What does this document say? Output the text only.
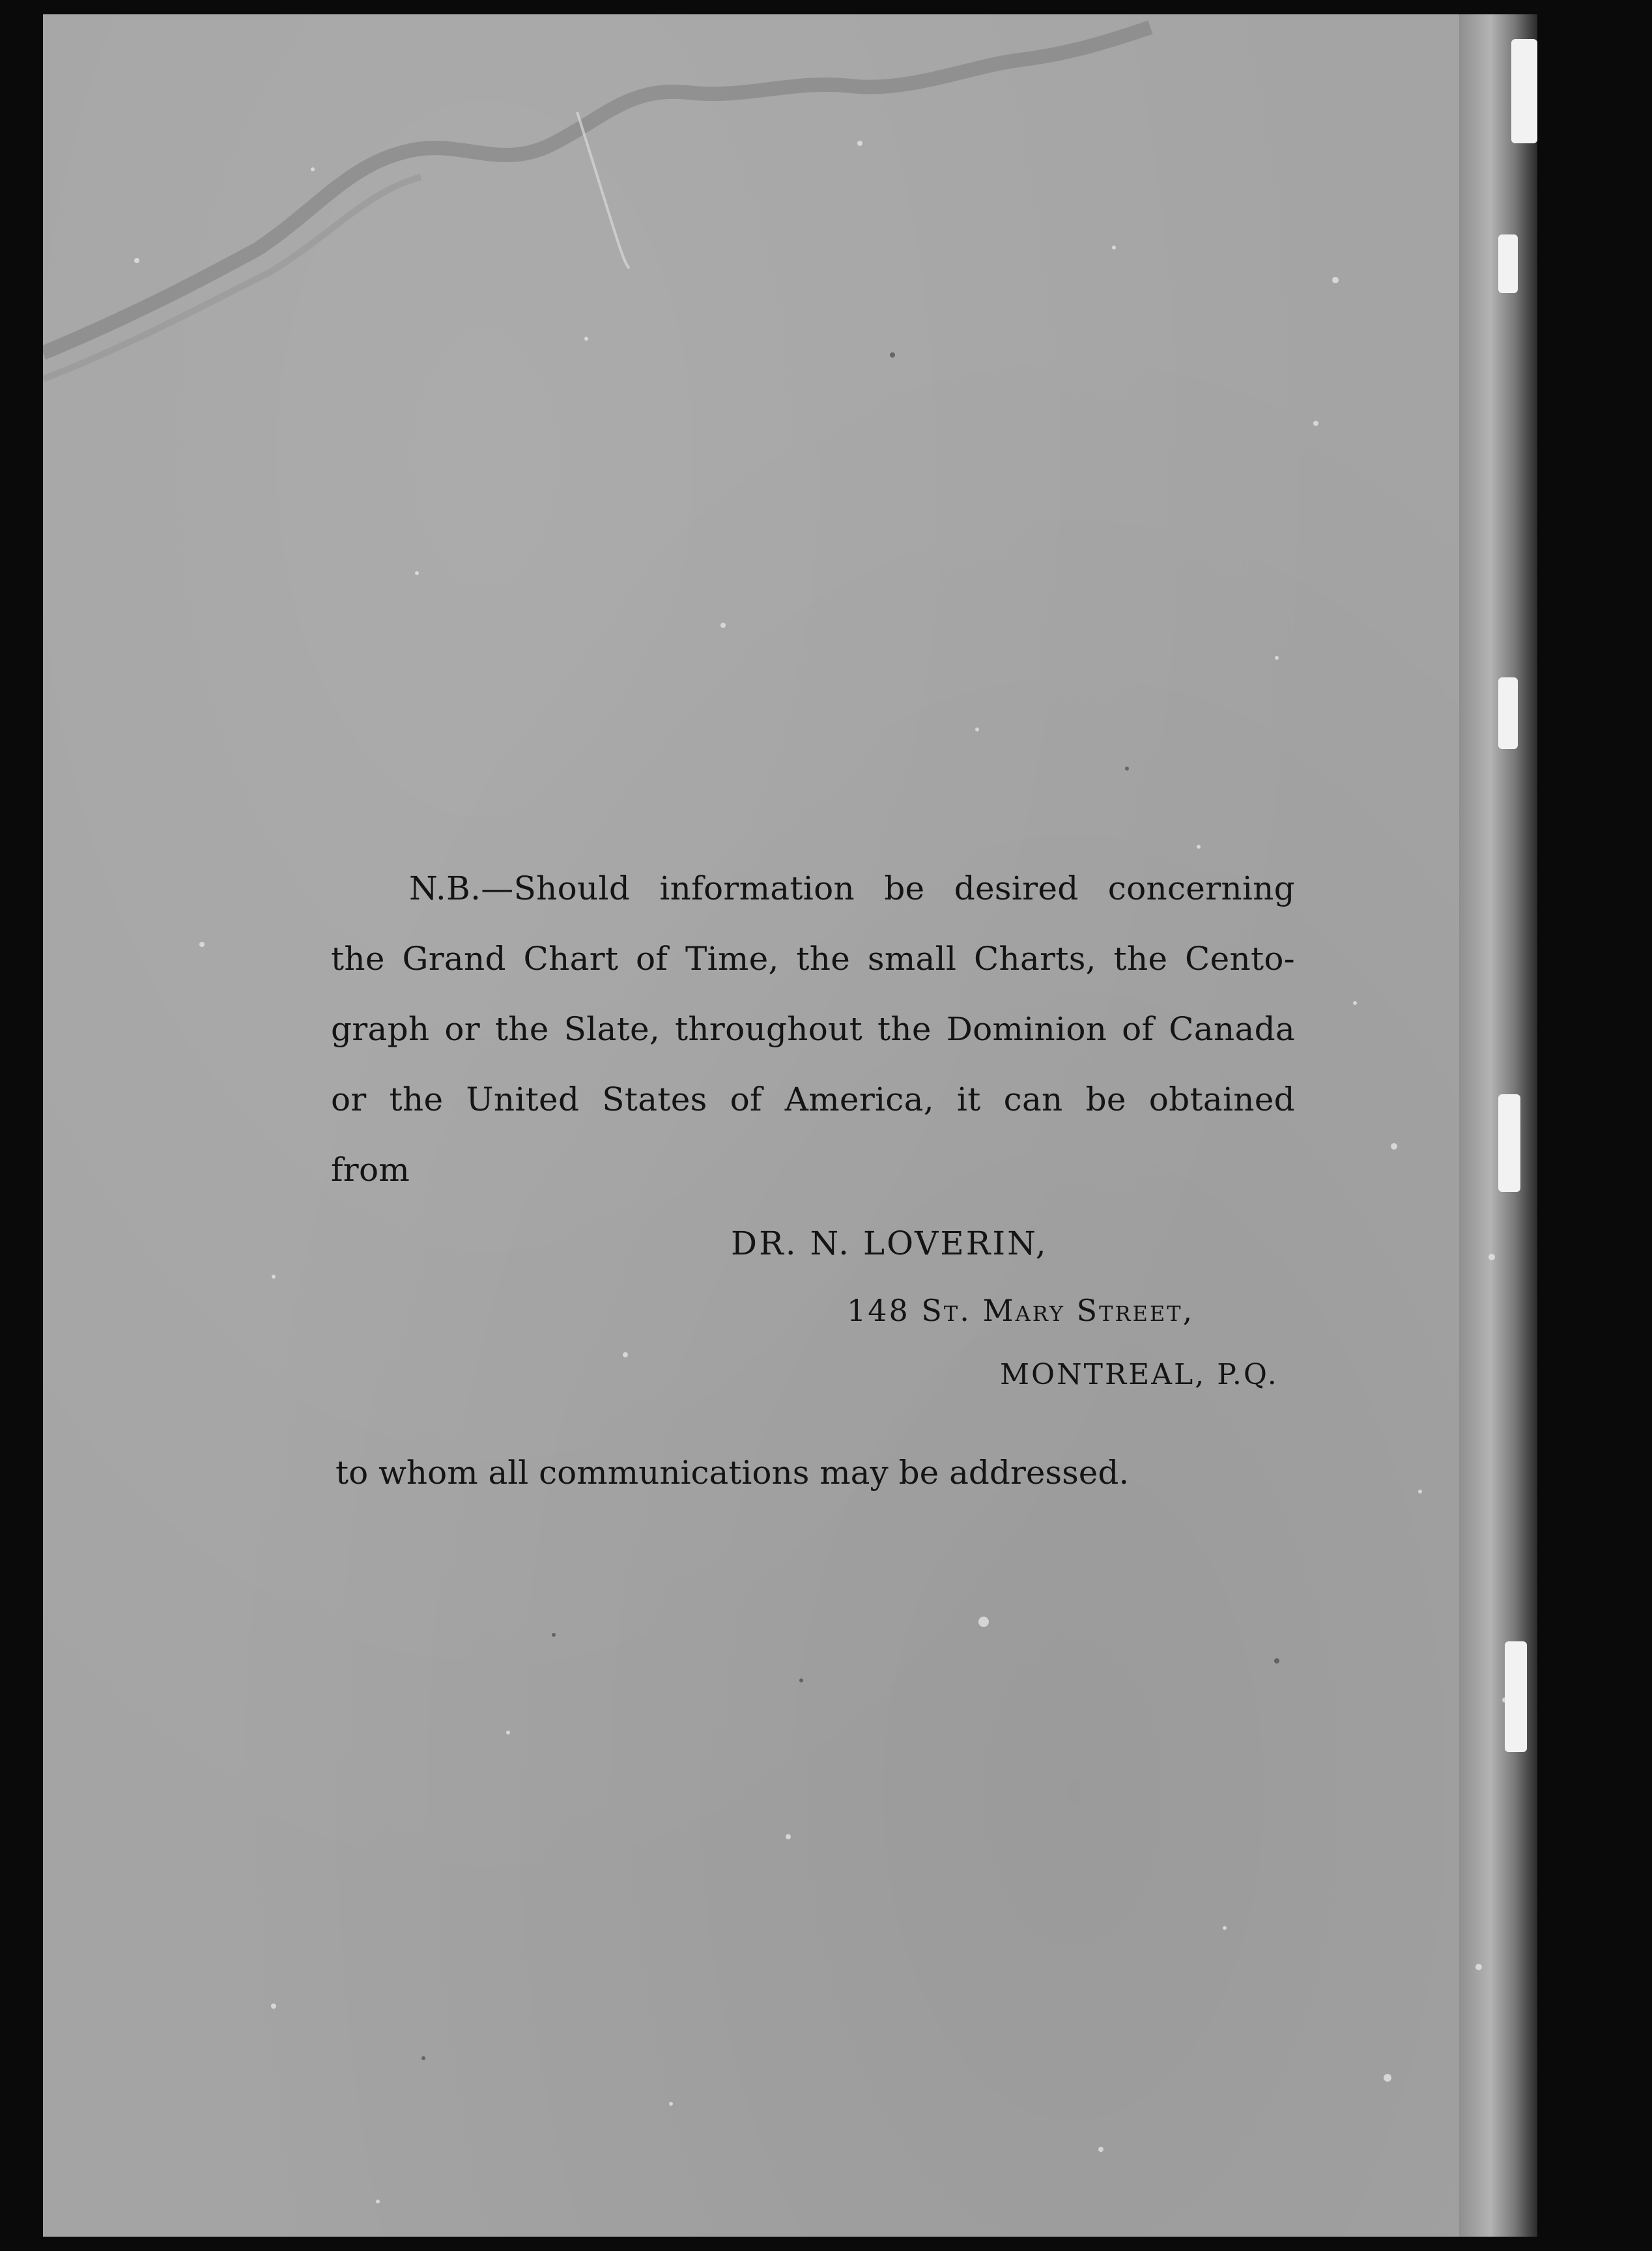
N.B.—Should information be desired concerning
the Grand Chart of Time, the small Charts, the Cento-
graph or the Slate, throughout the Dominion of Canada
or the United States of America, it can be obtained
from
DR. N. LOVERIN,
148 St. Mary Street,
MONTREAL, P.Q.
to whom all communications may be addressed.
